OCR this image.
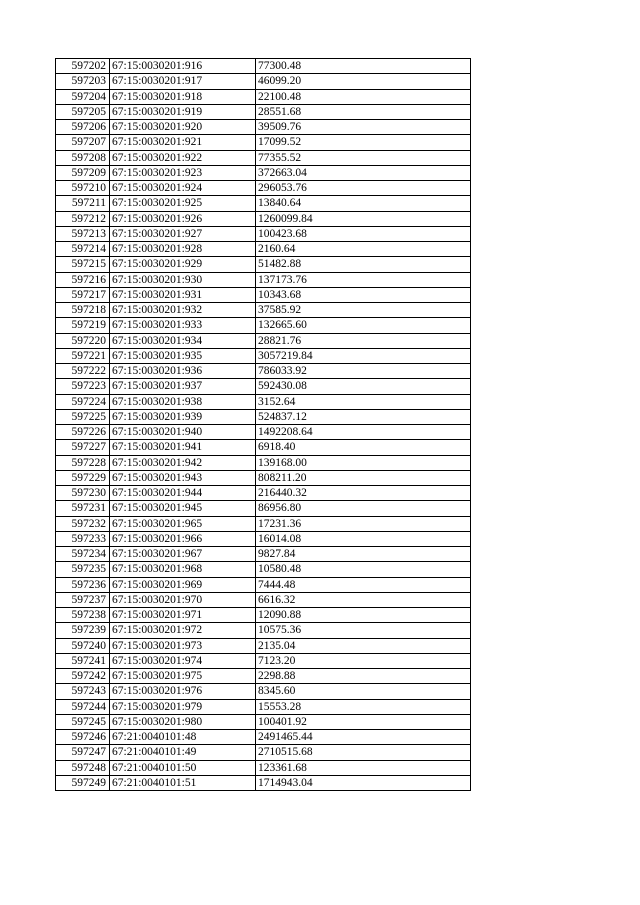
597202	67:15:0030201:916	77300.48
597203	67:15:0030201:917	46099.20
597204	67:15:0030201:918	22100.48
597205	67:15:0030201:919	28551.68
597206	67:15:0030201:920	39509.76
597207	67:15:0030201:921	17099.52
597208	67:15:0030201:922	77355.52
597209	67:15:0030201:923	372663.04
597210	67:15:0030201:924	296053.76
597211	67:15:0030201:925	13840.64
597212	67:15:0030201:926	1260099.84
597213	67:15:0030201:927	100423.68
597214	67:15:0030201:928	2160.64
597215	67:15:0030201:929	51482.88
597216	67:15:0030201:930	137173.76
597217	67:15:0030201:931	10343.68
597218	67:15:0030201:932	37585.92
597219	67:15:0030201:933	132665.60
597220	67:15:0030201:934	28821.76
597221	67:15:0030201:935	3057219.84
597222	67:15:0030201:936	786033.92
597223	67:15:0030201:937	592430.08
597224	67:15:0030201:938	3152.64
597225	67:15:0030201:939	524837.12
597226	67:15:0030201:940	1492208.64
597227	67:15:0030201:941	6918.40
597228	67:15:0030201:942	139168.00
597229	67:15:0030201:943	808211.20
597230	67:15:0030201:944	216440.32
597231	67:15:0030201:945	86956.80
597232	67:15:0030201:965	17231.36
597233	67:15:0030201:966	16014.08
597234	67:15:0030201:967	9827.84
597235	67:15:0030201:968	10580.48
597236	67:15:0030201:969	7444.48
597237	67:15:0030201:970	6616.32
597238	67:15:0030201:971	12090.88
597239	67:15:0030201:972	10575.36
597240	67:15:0030201:973	2135.04
597241	67:15:0030201:974	7123.20
597242	67:15:0030201:975	2298.88
597243	67:15:0030201:976	8345.60
597244	67:15:0030201:979	15553.28
597245	67:15:0030201:980	100401.92
597246	67:21:0040101:48	2491465.44
597247	67:21:0040101:49	2710515.68
597248	67:21:0040101:50	123361.68
597249	67:21:0040101:51	1714943.04
